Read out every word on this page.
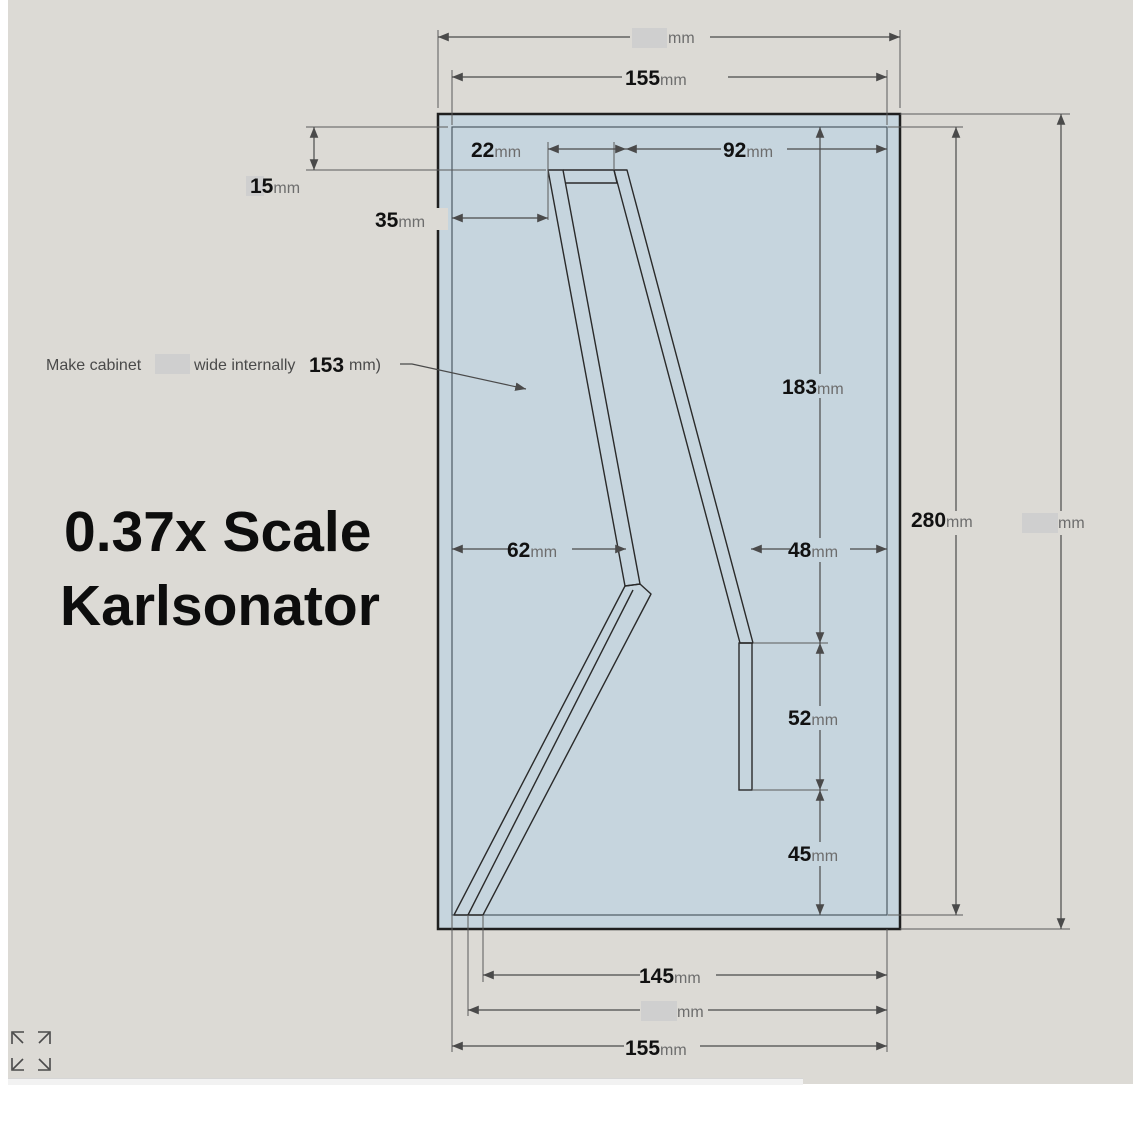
mm
155mm
22mm	92mm
15mm
35mm
183mm
280mm	mm
62mm	48mm
52mm
45mm
145mm
mm
155mm
Make cabinet	wide internally 153 mm)
0.37x Scale
Karlsonator
